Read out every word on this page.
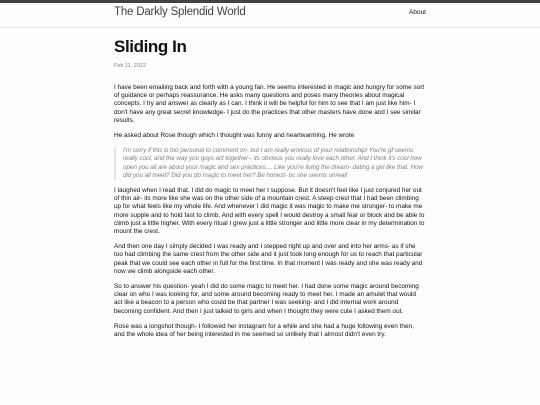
The Darkly Splendid World	About
Sliding In
Feb 11, 2022

I have been emailing back and forth with a young fan. He seems interested in magic and hungry for some sort of guidance or perhaps reassurance. He asks many questions and poses many theories about magical concepts. I try and answer as clearly as I can. I think it will be helpful for him to see that I am just like him- I don't have any great secret knowledge- I just do the practices that other masters have done and I see similar results.

He asked about Rose though which I thought was funny and heartwarming. He wrote

I'm sorry if this is too personal to comment on- but I am really envious of your relationship! You're gf seems really cool, and the way you guys act together-- its obvious you really love each other. And I think it's cool how open you all are about your magic and sex practices.... Like you're living the dream- dating a girl like that. How did you all meet? Did you do magic to meet her? Be honest- bc she seems unreal!

I laughed when I read that. I did do magic to meet her I suppose. But it doesn't feel like I just conjured her out of thin air- its more like she was on the other side of a mountain crest. A steep crest that I had been climbing up for what feels like my whole life. And whenever I did magic it was magic to make me stronger- to make me more supple and to hold fast to climb. And with every spell I would destroy a small fear or block and be able to climb just a little higher. With every ritual I grew just a little stronger and little more clear in my determination to mount the crest.

And then one day I simply decided I was ready and I stepped right up and over and into her arms- as if she too had climbing the same crest from the other side and it just took long enough for us to reach that particular peak that we could see each other in full for the first time. In that moment I was ready and she was ready and now we climb alongside each other.

So to answer his question- yeah I did do some magic to meet her. I had done some magic around becoming clear on who I was looking for, and some around becoming ready to meet her. I made an amulet that would act like a beacon to a person who could be that partner I was seeking- and I did internal work around becoming confident. And then I just talked to girls and when I thought they were cute I asked them out.

Rose was a longshot though- I followed her instagram for a while and she had a huge following even then, and the whole idea of her being interested in me seemed so unlikely that I almost didn't even try.
